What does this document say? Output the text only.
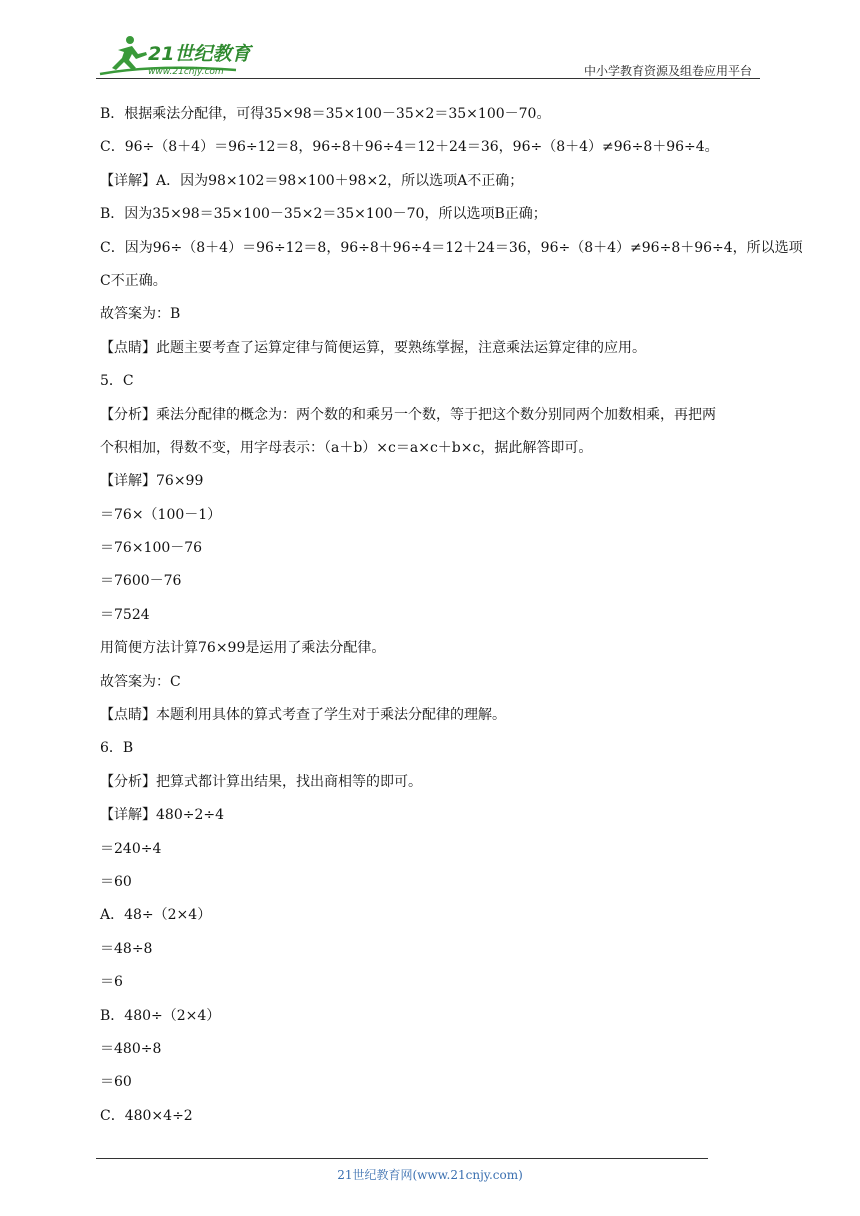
21世纪教育
www.21cnjy.com	中小学教育资源及组卷应用平台
B．根据乘法分配律，可得35×98＝35×100－35×2＝35×100－70。
C．96÷（8＋4）＝96÷12＝8，96÷8＋96÷4＝12＋24＝36，96÷（8＋4）≠96÷8＋96÷4。
【详解】A．因为98×102＝98×100＋98×2，所以选项A不正确；
B．因为35×98＝35×100－35×2＝35×100－70，所以选项B正确；
C．因为96÷（8＋4）＝96÷12＝8，96÷8＋96÷4＝12＋24＝36，96÷（8＋4）≠96÷8＋96÷4，所以选项
C不正确。
故答案为：B
【点睛】此题主要考查了运算定律与简便运算，要熟练掌握，注意乘法运算定律的应用。
5．C
【分析】乘法分配律的概念为：两个数的和乘另一个数，等于把这个数分别同两个加数相乘，再把两
个积相加，得数不变，用字母表示：（a＋b）×c＝a×c＋b×c，据此解答即可。
【详解】76×99
＝76×（100－1）
＝76×100－76
＝7600－76
＝7524
用简便方法计算76×99是运用了乘法分配律。
故答案为：C
【点睛】本题利用具体的算式考查了学生对于乘法分配律的理解。
6．B
【分析】把算式都计算出结果，找出商相等的即可。
【详解】480÷2÷4
＝240÷4
＝60
A．48÷（2×4）
＝48÷8
＝6
B．480÷（2×4）
＝480÷8
＝60
C．480×4÷2
21世纪教育网(www.21cnjy.com)
